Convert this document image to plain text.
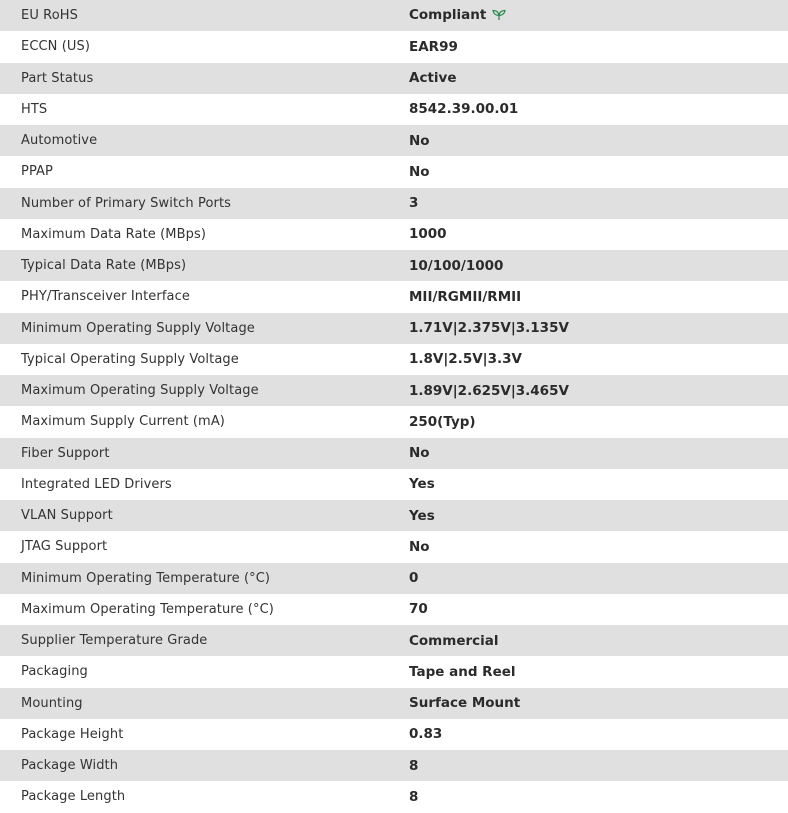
EU RoHS	Compliant
ECCN (US)	EAR99
Part Status	Active
HTS	8542.39.00.01
Automotive	No
PPAP	No
Number of Primary Switch Ports	3
Maximum Data Rate (MBps)	1000
Typical Data Rate (MBps)	10/100/1000
PHY/Transceiver Interface	MII/RGMII/RMII
Minimum Operating Supply Voltage	1.71V|2.375V|3.135V
Typical Operating Supply Voltage	1.8V|2.5V|3.3V
Maximum Operating Supply Voltage	1.89V|2.625V|3.465V
Maximum Supply Current (mA)	250(Typ)
Fiber Support	No
Integrated LED Drivers	Yes
VLAN Support	Yes
JTAG Support	No
Minimum Operating Temperature (°C)	0
Maximum Operating Temperature (°C)	70
Supplier Temperature Grade	Commercial
Packaging	Tape and Reel
Mounting	Surface Mount
Package Height	0.83
Package Width	8
Package Length	8
